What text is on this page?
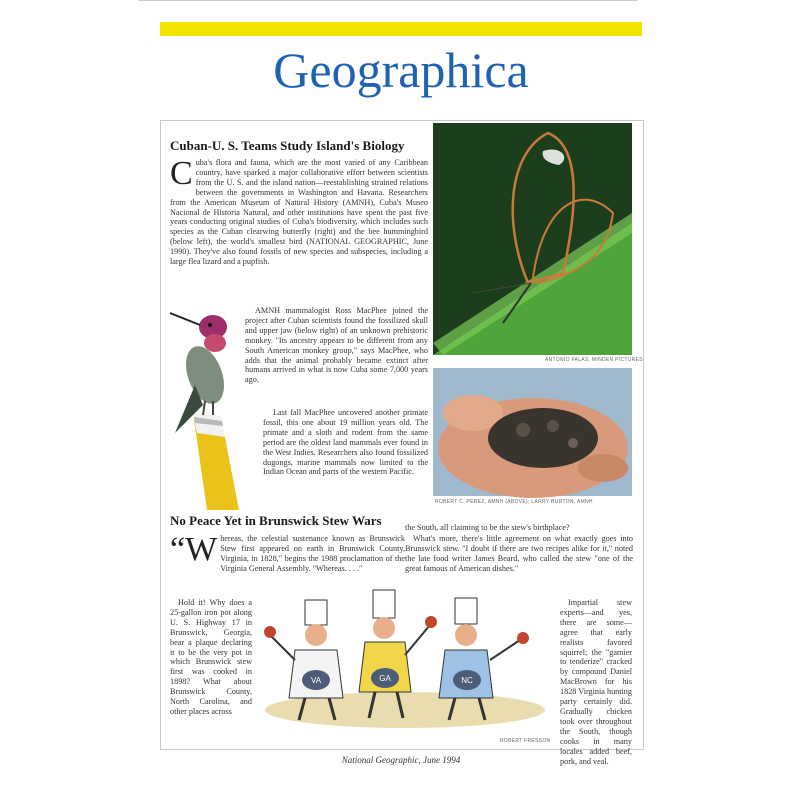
Geographica
Cuban-U. S. Teams Study Island's Biology
Cuba's flora and fauna, which are the most varied of any Caribbean country, have sparked a major collaborative effort between scientists from the U. S. and the island nation—reestablishing strained relations between the governments in Washington and Havana. Researchers from the American Museum of Natural History (AMNH), Cuba's Museo Nacional de Historia Natural, and other institutions have spent the past five years conducting original studies of Cuba's biodiversity, which includes such species as the Cuban clearwing butterfly (right) and the bee hummingbird (below left), the world's smallest bird (NATIONAL GEOGRAPHIC, June 1990). They've also found fossils of new species and subspecies, including a large flea lizard and a pupfish.
AMNH mammalogist Ross MacPhee joined the project after Cuban scientists found the fossilized skull and upper jaw (below right) of an unknown prehistoric monkey. "Its ancestry appears to be different from any South American monkey group," says MacPhee, who adds that the animal probably became extinct after humans arrived in what is now Cuba some 7,000 years ago.
Last fall MacPhee uncovered another primate fossil, this one about 19 million years old. The primate and a sloth and rodent from the same period are the oldest land mammals ever found in the West Indies. Researchers also found fossilized dugongs, marine mammals now limited to the Indian Ocean and parts of the western Pacific.
ANTONIO FALAS, MINDEN PICTURES
ROBERT C. PEREZ, AMNH (ABOVE); LARRY BURTON, AMNH
No Peace Yet in Brunswick Stew Wars
“Whereas, the celestial sustenance known as Brunswick Stew first appeared on earth in Brunswick County, Virginia, in 1828," begins the 1988 proclamation of the Virginia General Assembly. "Whereas. . . ."
Hold it! Why does a 25-gallon iron pot along U. S. Highway 17 in Brunswick, Georgia, bear a plaque declaring it to be the very pot in which Brunswick stew first was cooked in 1898? What about Brunswick County, North Carolina, and other places across
the South, all claiming to be the stew's birthplace?
What's more, there's little agreement on what exactly goes into Brunswick stew. "I doubt if there are two recipes alike for it," noted the late food writer James Beard, who called the stew "one of the great famous of American dishes."
Impartial stew experts—and yes, there are some—agree that early realists favored squirrel; the "gamier to tenderize" cracked by compound Daniel MacBrown for his 1828 Virginia hunting party certainly did. Gradually chicken took over throughout the South, though cooks in many locales added beef, pork, and veal.
VA	GA	NC
ROBERT FRESSON
National Geographic, June 1994
